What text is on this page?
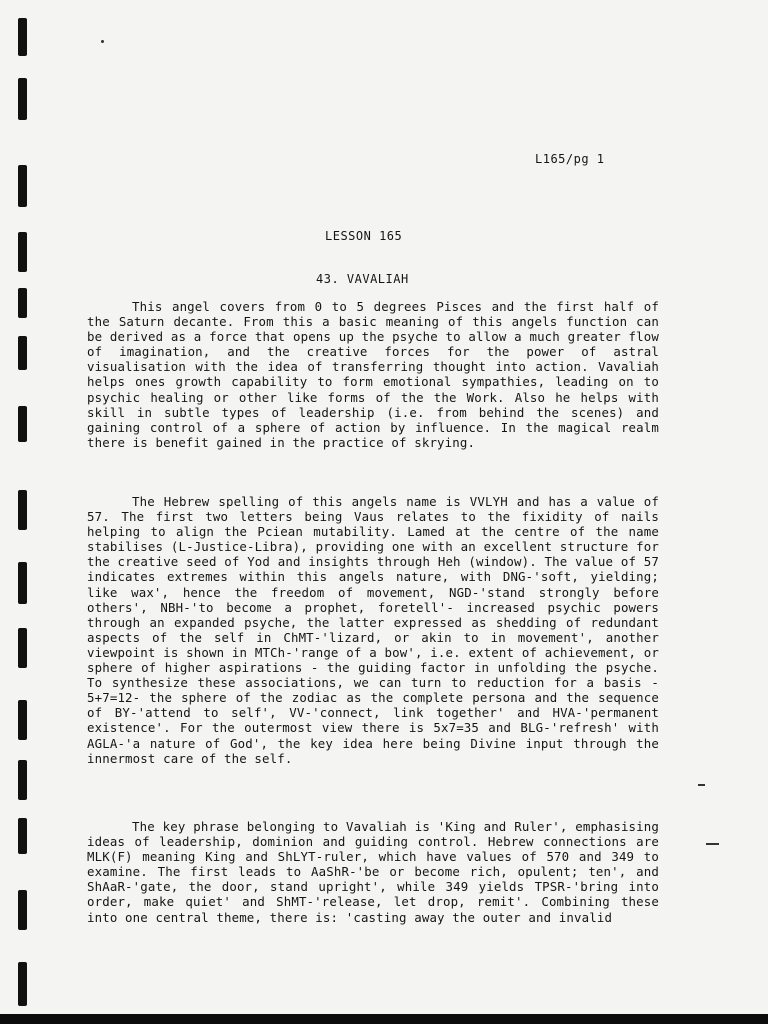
L165/pg 1
LESSON 165
43. VAVALIAH
This angel covers from 0 to 5 degrees Pisces and the first half of the Saturn decante. From this a basic meaning of this angels function can be derived as a force that opens up the psyche to allow a much greater flow of imagination, and the creative forces for the power of astral visualisation with the idea of transferring thought into action. Vavaliah helps ones growth capability to form emotional sympathies, leading on to psychic healing or other like forms of the the Work. Also he helps with skill in subtle types of leadership (i.e. from behind the scenes) and gaining control of a sphere of action by influence. In the magical realm there is benefit gained in the practice of skrying.
The Hebrew spelling of this angels name is VVLYH and has a value of 57. The first two letters being Vaus relates to the fixidity of nails helping to align the Pciean mutability. Lamed at the centre of the name stabilises (L-Justice-Libra), providing one with an excellent structure for the creative seed of Yod and insights through Heh (window). The value of 57 indicates extremes within this angels nature, with DNG-'soft, yielding; like wax', hence the freedom of movement, NGD-'stand strongly before others', NBH-'to become a prophet, foretell'- increased psychic powers through an expanded psyche, the latter expressed as shedding of redundant aspects of the self in ChMT-'lizard, or akin to in movement', another viewpoint is shown in MTCh-'range of a bow', i.e. extent of achievement, or sphere of higher aspirations - the guiding factor in unfolding the psyche. To synthesize these associations, we can turn to reduction for a basis - 5+7=12- the sphere of the zodiac as the complete persona and the sequence of BY-'attend to self', VV-'connect, link together' and HVA-'permanent existence'. For the outermost view there is 5x7=35 and BLG-'refresh' with AGLA-'a nature of God', the key idea here being Divine input through the innermost care of the self.
The key phrase belonging to Vavaliah is 'King and Ruler', emphasising ideas of leadership, dominion and guiding control. Hebrew connections are MLK(F) meaning King and ShLYT-ruler, which have values of 570 and 349 to examine. The first leads to AaShR-'be or become rich, opulent; ten', and ShAaR-'gate, the door, stand upright', while 349 yields TPSR-'bring into order, make quiet' and ShMT-'release, let drop, remit'. Combining these into one central theme, there is: 'casting away the outer and invalid
